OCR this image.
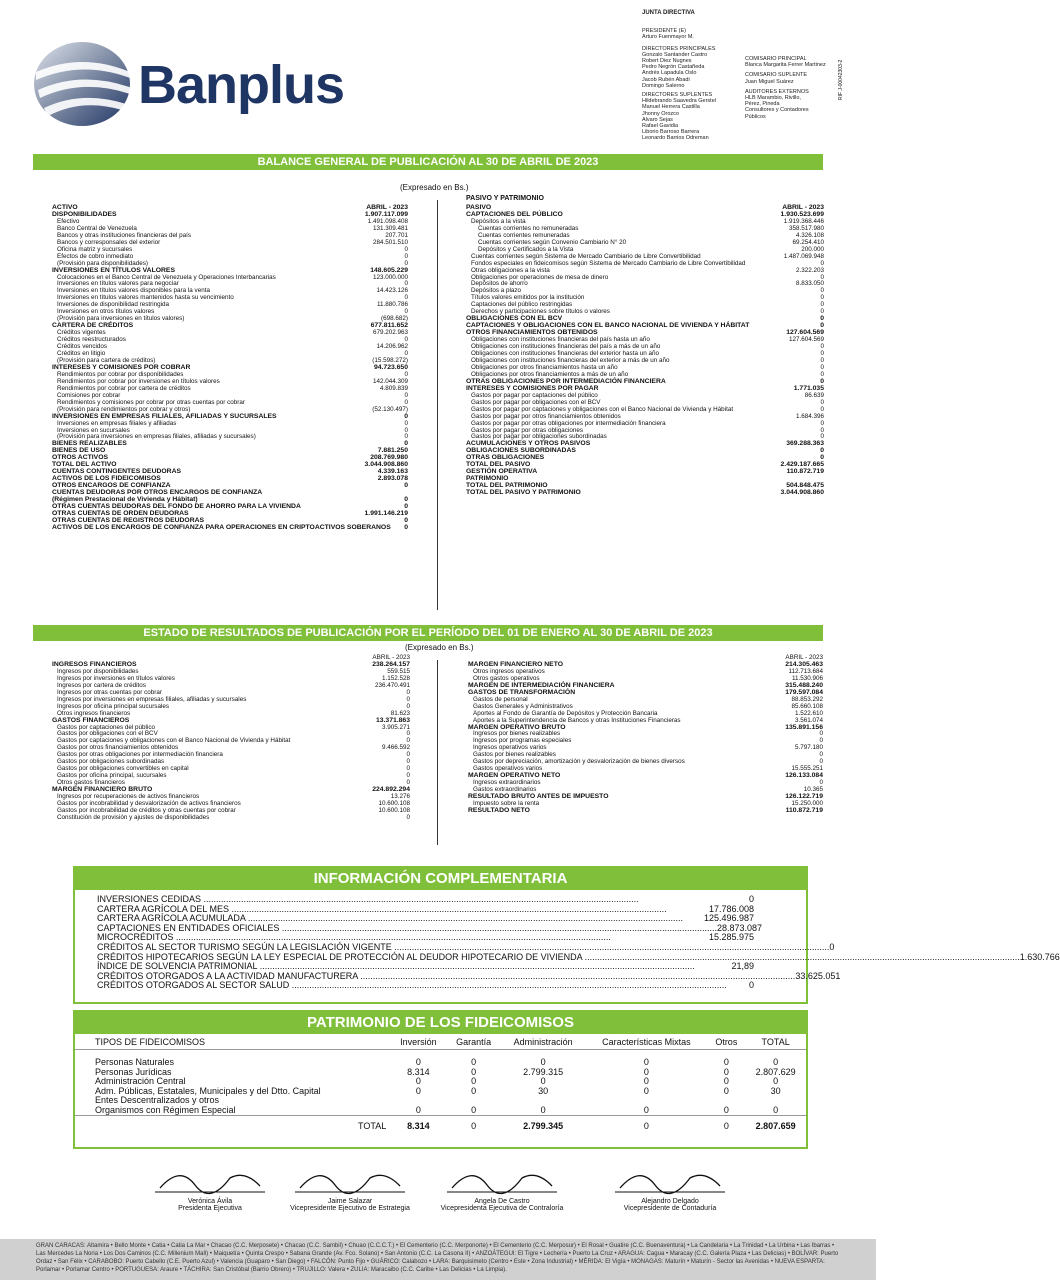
Banplus
JUNTA DIRECTIVA
PRESIDENTE (E)
Arturo Fuenmayor M.
DIRECTORES PRINCIPALES
Gonzalo Santander Castro
Robert Diez Nugnes
Pedro Negrón Castañeda
Andrés Lapadula Oslo
Jacob Rubén Abadi
Domingo Salerno
DIRECTORES SUPLENTES
Hildebrando Saavedra Gerstel
Manuel Herrera Castilla
Jhonny Orozco
Alvaro Sejas
Rafael Gavidia
Liborio Barroso Barrera
Leonardo Barrios Odreman
COMISARIO PRINCIPAL
Blanca Margarita Ferrer Martinez
COMISARIO SUPLENTE
Juan Miguel Suárez
AUDITORES EXTERNOS
HLB Marambio, Rivillo,
Pérez, Pineda
Consultores y Contadores
Públicos
RIF J-00042303-2
BALANCE GENERAL DE PUBLICACIÓN AL 30 DE ABRIL DE 2023
(Expresado en Bs.)
PASIVO Y PATRIMONIO
ACTIVO	ABRIL - 2023
DISPONIBILIDADES	1.907.117.099
Efectivo	1.491.098.408
Banco Central de Venezuela	131.309.481
Bancos y otras instituciones financieras del país	207.701
Bancos y corresponsales del exterior	284.501.510
Oficina matriz y sucursales	0
Efectos de cobro inmediato	0
(Provisión para disponibilidades)	0
INVERSIONES EN TÍTULOS VALORES	148.605.229
Colocaciones en el Banco Central de Venezuela y Operaciones Interbancarias	123.000.000
Inversiones en títulos valores para negociar	0
Inversiones en títulos valores disponibles para la venta	14.423.126
Inversiones en títulos valores mantenidos hasta su vencimiento	0
Inversiones de disponibilidad restringida	11.880.786
Inversiones en otros títulos valores	0
(Provisión para inversiones en títulos valores)	(698.682)
CARTERA DE CRÉDITOS	677.811.652
Créditos vigentes	679.202.963
Créditos reestructurados	0
Créditos vencidos	14.206.962
Créditos en litigio	0
(Provisión para cartera de créditos)	(15.598.272)
INTERESES Y COMISIONES POR COBRAR	94.723.650
Rendimientos por cobrar por disponibilidades	0
Rendimientos por cobrar por inversiones en títulos valores	142.044.309
Rendimientos por cobrar por cartera de créditos	4.809.839
Comisiones por cobrar	0
Rendimientos y comisiones por cobrar por otras cuentas por cobrar	0
(Provisión para rendimientos por cobrar y otros)	(52.130.497)
INVERSIONES EN EMPRESAS FILIALES, AFILIADAS Y SUCURSALES	0
Inversiones en empresas filiales y afiliadas	0
Inversiones en sucursales	0
(Provisión para inversiones en empresas filiales, afiliadas y sucursales)	0
BIENES REALIZABLES	0
BIENES DE USO	7.881.250
OTROS ACTIVOS	208.769.980
TOTAL DEL ACTIVO	3.044.908.860
CUENTAS CONTINGENTES DEUDORAS	4.339.163
ACTIVOS DE LOS FIDEICOMISOS	2.893.078
OTROS ENCARGOS DE CONFIANZA	0
CUENTAS DEUDORAS POR OTROS ENCARGOS DE CONFIANZA
(Régimen Prestacional de Vivienda y Hábitat)	0
OTRAS CUENTAS DEUDORAS DEL FONDO DE AHORRO PARA LA VIVIENDA	0
OTRAS CUENTAS DE ORDEN DEUDORAS	1.991.146.219
OTRAS CUENTAS DE REGISTROS DEUDORAS	0
ACTIVOS DE LOS ENCARGOS DE CONFIANZA PARA OPERACIONES EN CRIPTOACTIVOS SOBERANOS 0
PASIVO	ABRIL - 2023
CAPTACIONES DEL PÚBLICO	1.930.523.699
Depósitos a la vista	1.919.368.446
Cuentas corrientes no remuneradas	358.517.980
Cuentas corrientes remuneradas	4.326.108
Cuentas corrientes según Convenio Cambiario N° 20	69.254.410
Depósitos y Certificados a la Vista	200.000
Cuentas corrientes según Sistema de Mercado Cambiario de Libre Convertibilidad	1.487.069.948
Fondos especiales en fideicomisos según Sistema de Mercado Cambiario de Libre Convertibilidad	0
Otras obligaciones a la vista	2.322.203
Obligaciones por operaciones de mesa de dinero	0
Depósitos de ahorro	8.833.050
Depósitos a plazo	0
Títulos valores emitidos por la institución	0
Captaciones del público restringidas	0
Derechos y participaciones sobre títulos o valores	0
OBLIGACIONES CON EL BCV	0
CAPTACIONES Y OBLIGACIONES CON EL BANCO NACIONAL DE VIVIENDA Y HÁBITAT	0
OTROS FINANCIAMIENTOS OBTENIDOS	127.604.569
Obligaciones con instituciones financieras del país hasta un año	127.604.569
Obligaciones con instituciones financieras del país a más de un año	0
Obligaciones con instituciones financieras del exterior hasta un año	0
Obligaciones con instituciones financieras del exterior a más de un año	0
Obligaciones por otros financiamientos hasta un año	0
Obligaciones por otros financiamientos a más de un año	0
OTRAS OBLIGACIONES POR INTERMEDIACIÓN FINANCIERA	0
INTERESES Y COMISIONES POR PAGAR	1.771.035
Gastos por pagar por captaciones del público	86.639
Gastos por pagar por obligaciones con el BCV	0
Gastos por pagar por captaciones y obligaciones con el Banco Nacional de Vivienda y Hábitat	0
Gastos por pagar por otros financiamientos obtenidos	1.684.396
Gastos por pagar por otras obligaciones por intermediación financiera	0
Gastos por pagar por otras obligaciones	0
Gastos por pagar por obligaciones subordinadas	0
ACUMULACIONES Y OTROS PASIVOS	369.288.363
OBLIGACIONES SUBORDINADAS	0
OTRAS OBLIGACIONES	0
TOTAL DEL PASIVO	2.429.187.665
GESTIÓN OPERATIVA	110.872.719
PATRIMONIO
TOTAL DEL PATRIMONIO	504.848.475
TOTAL DEL PASIVO Y PATRIMONIO	3.044.908.860
ESTADO DE RESULTADOS DE PUBLICACIÓN POR EL PERÍODO DEL 01 DE ENERO AL 30 DE ABRIL DE 2023
(Expresado en Bs.)
ABRIL - 2023
INGRESOS FINANCIEROS	238.264.157
Ingresos por disponibilidades	559.515
Ingresos por inversiones en títulos valores	1.152.528
Ingresos por cartera de créditos	236.470.491
Ingresos por otras cuentas por cobrar	0
Ingresos por inversiones en empresas filiales, afiliadas y sucursales	0
Ingresos por oficina principal sucursales	0
Otros ingresos financieros	81.623
GASTOS FINANCIEROS	13.371.863
Gastos por captaciones del público	3.905.271
Gastos por obligaciones con el BCV	0
Gastos por captaciones y obligaciones con el Banco Nacional de Vivienda y Hábitat	0
Gastos por otros financiamientos obtenidos	9.466.592
Gastos por otras obligaciones por intermediación financiera	0
Gastos por obligaciones subordinadas	0
Gastos por obligaciones convertibles en capital	0
Gastos por oficina principal, sucursales	0
Otros gastos financieros	0
MARGEN FINANCIERO BRUTO	224.892.294
Ingresos por recuperaciones de activos financieros	13.276
Gastos por incobrabilidad y desvalorización de activos financieros	10.600.108
Gastos por incobrabilidad de créditos y otras cuentas por cobrar	10.600.108
Constitución de provisión y ajustes de disponibilidades	0
ABRIL - 2023
MARGEN FINANCIERO NETO	214.305.463
Otros ingresos operativos	112.713.684
Otros gastos operativos	11.530.906
MARGEN DE INTERMEDIACIÓN FINANCIERA	315.488.240
GASTOS DE TRANSFORMACIÓN	179.597.084
Gastos de personal	88.853.292
Gastos Generales y Administrativos	85.660.108
Aportes al Fondo de Garantía de Depósitos y Protección Bancaria	1.522.610
Aportes a la Superintendencia de Bancos y otras Instituciones Financieras	3.561.074
MARGEN OPERATIVO BRUTO	135.891.156
Ingresos por bienes realizables	0
Ingresos por programas especiales	0
Ingresos operativos varios	5.797.180
Gastos por bienes realizables	0
Gastos por depreciación, amortización y desvalorización de bienes diversos	0
Gastos operativos varios	15.555.251
MARGEN OPERATIVO NETO	126.133.084
Ingresos extraordinarios	0
Gastos extraordinarios	10.365
RESULTADO BRUTO ANTES DE IMPUESTO	126.122.719
Impuesto sobre la renta	15.250.000
RESULTADO NETO	110.872.719
INFORMACIÓN COMPLEMENTARIA
INVERSIONES CEDIDAS ..............................................................................................................................................................................	0
CARTERA AGRÍCOLA DEL MES ..............................................................................................................................................................................	17.786.008
CARTERA AGRÍCOLA ACUMULADA ..............................................................................................................................................................................	125.496.987
CAPTACIONES EN ENTIDADES OFICIALES .............................................................................................................................................................................. 28.873.087
MICROCRÉDITOS ..............................................................................................................................................................................	15.285.975
CRÉDITOS AL SECTOR TURISMO SEGÚN LA LEGISLACIÓN VIGENTE .............................................................................................................................................................................. 0
CRÉDITOS HIPOTECARIOS SEGÚN LA LEY ESPECIAL DE PROTECCIÓN AL DEUDOR HIPOTECARIO DE VIVIENDA .............................................................................................................................................................................. 1.630.766
ÍNDICE DE SOLVENCIA PATRIMONIAL ..............................................................................................................................................................................	21,89
CRÉDITOS OTORGADOS A LA ACTIVIDAD MANUFACTURERA .............................................................................................................................................................................. 33.625.051
CRÉDITOS OTORGADOS AL SECTOR SALUD ..............................................................................................................................................................................	0
PATRIMONIO DE LOS FIDEICOMISOS
TIPOS DE FIDEICOMISOS	Inversión	Garantía	Administración	Características Mixtas	Otros	TOTAL

Personas Naturales	0	0	0	0	0	0
Personas Jurídicas	8.314	0	2.799.315	0	0	2.807.629
Administración Central	0	0	0	0	0	0
Adm. Públicas, Estatales, Municipales y del Dtto. Capital	0	0	30	0	0	30
Entes Descentralizados y otros						
Organismos con Régimen Especial	0	0	0	0	0	0
TOTAL	8.314	0	2.799.345	0	0	2.807.659
Verónica Ávila
Presidenta Ejecutiva
Jaime Salazar
Vicepresidente Ejecutivo de Estrategia
Angela De Castro
Vicepresidenta Ejecutiva de Contraloría
Alejandro Delgado
Vicepresidente de Contaduría
GRAN CARACAS: Altamira • Bello Monte • Catia • Catia La Mar • Chacao (C.C. Merposete) • Chacao (C.C. Sambil) • Chuao (C.C.C.T.) • El Cementerio (C.C. Merponorte) • El Cementerio (C.C. Merposur) • El Rosal • Guatire (C.C. Buenaventura) • La Candelaria • La Trinidad • La Urbina • Las Ibarras • Las Mercedes La Noria • Los Dos Caminos (C.C. Millenium Mall) • Maiquetía • Quinta Crespo • Sabana Grande (Av. Fco. Solano) • San Antonio (C.C. La Casona II) • ANZOÁTEGUI: El Tigre • Lechería • Puerto La Cruz • ARAGUA: Cagua • Maracay (C.C. Galería Plaza • Las Delicias) • BOLÍVAR: Puerto Ordaz • San Félix • CARABOBO: Puerto Cabello (C.E. Puerto Azul) • Valencia (Guaparo • San Diego) • FALCÓN: Punto Fijo • GUÁRICO: Calabozo • LARA: Barquisimeto (Centro • Este • Zona Industrial) • MÉRIDA: El Vigía • MONAGAS: Maturín • Maturín - Sector las Avenidas • NUEVA ESPARTA: Porlamar • Porlamar Centro • PORTUGUESA: Araure • TÁCHIRA: San Cristóbal (Barrio Obrero) • TRUJILLO: Valera • ZULIA: Maracaibo (C.C. Caribe • Las Delicias • La Limpia).
